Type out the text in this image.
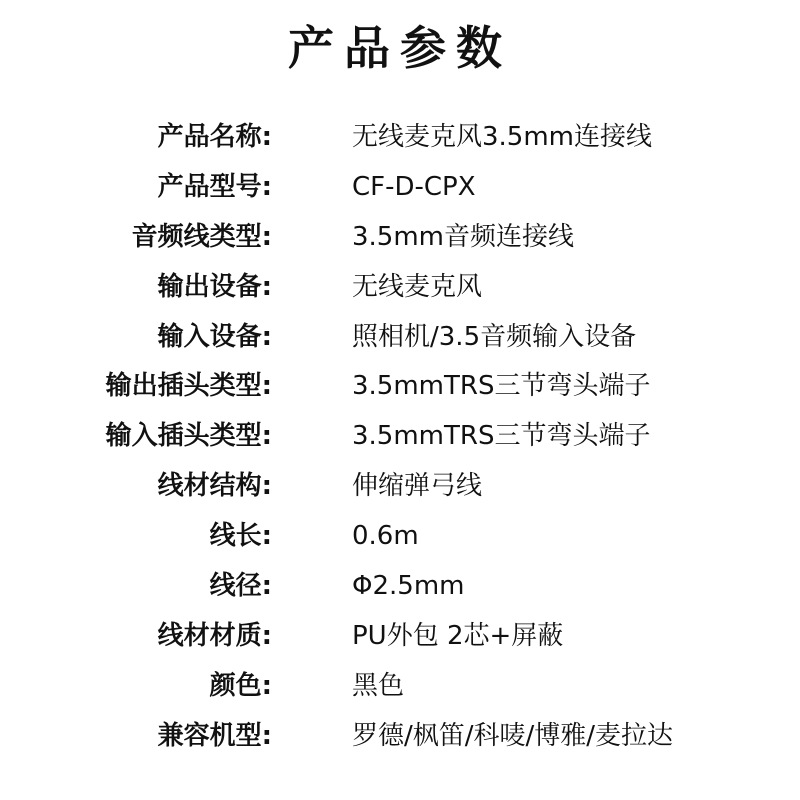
产品参数
产品名称:	无线麦克风3.5mm连接线
产品型号:	CF-D-CPX
音频线类型:	3.5mm音频连接线
输出设备:	无线麦克风
输入设备:	照相机/3.5音频输入设备
输出插头类型:	3.5mmTRS三节弯头端子
输入插头类型:	3.5mmTRS三节弯头端子
线材结构:	伸缩弹弓线
线长:	0.6m
线径:	Φ2.5mm
线材材质:	PU外包 2芯+屏蔽
颜色:	黑色
兼容机型:	罗德/枫笛/科唛/博雅/麦拉达
